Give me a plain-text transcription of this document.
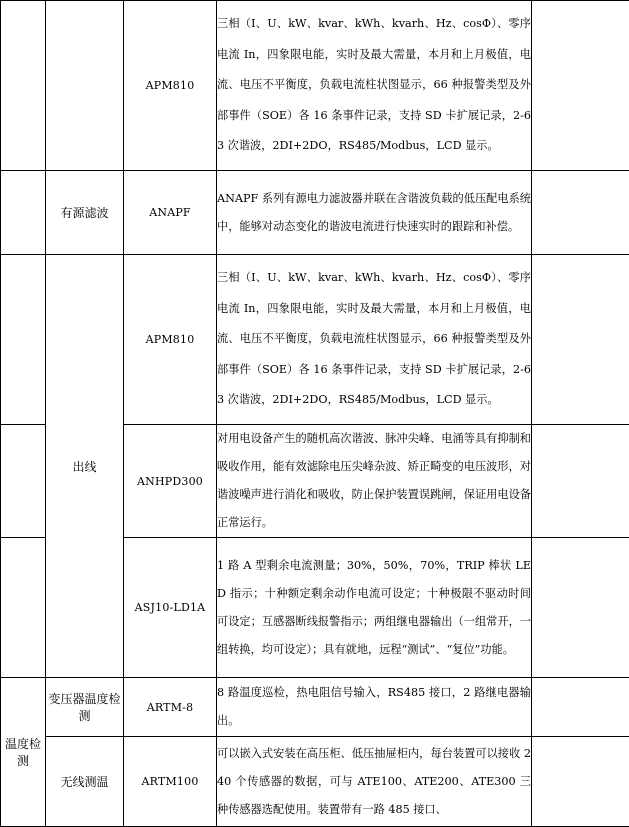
		APM810	三相（I、U、kW、kvar、kWh、kvarh、Hz、cosΦ）、零序电流 In，四象限电能，实时及最大需量，本月和上月极值，电流、电压不平衡度，负载电流柱状图显示，66 种报警类型及外部事件（SOE）各 16 条事件记录，支持 SD 卡扩展记录，2-63 次谐波，2DI+2DO，RS485/Modbus，LCD 显示。	
	有源滤波	ANAPF	ANAPF 系列有源电力滤波器并联在含谐波负载的低压配电系统中，能够对动态变化的谐波电流进行快速实时的跟踪和补偿。	
	出线	APM810	三相（I、U、kW、kvar、kWh、kvarh、Hz、cosΦ）、零序电流 In，四象限电能，实时及最大需量，本月和上月极值，电流、电压不平衡度，负载电流柱状图显示，66 种报警类型及外部事件（SOE）各 16 条事件记录，支持 SD 卡扩展记录，2-63 次谐波，2DI+2DO，RS485/Modbus，LCD 显示。	
		ANHPD300	对用电设备产生的随机高次谐波、脉冲尖峰、电涌等具有抑制和吸收作用，能有效滤除电压尖峰杂波、矫正畸变的电压波形，对谐波噪声进行消化和吸收，防止保护装置误跳闸，保证用电设备正常运行。	
		ASJ10-LD1A	1 路 A 型剩余电流测量；30%，50%，70%，TRIP 棒状 LED 指示；十种额定剩余动作电流可设定；十种极限不驱动时间可设定；互感器断线报警指示；两组继电器输出（一组常开，一组转换，均可设定）；具有就地，远程“测试”、“复位”功能。	
温度检测	变压器温度检测	ARTM-8	8 路温度巡检，热电阻信号输入，RS485 接口，2 路继电器输出。	
	无线测温	ARTM100	可以嵌入式安装在高压柜、低压抽屉柜内，每台装置可以接收 240 个传感器的数据，可与 ATE100、ATE200、ATE300 三种传感器选配使用。装置带有一路 485 接口、	
